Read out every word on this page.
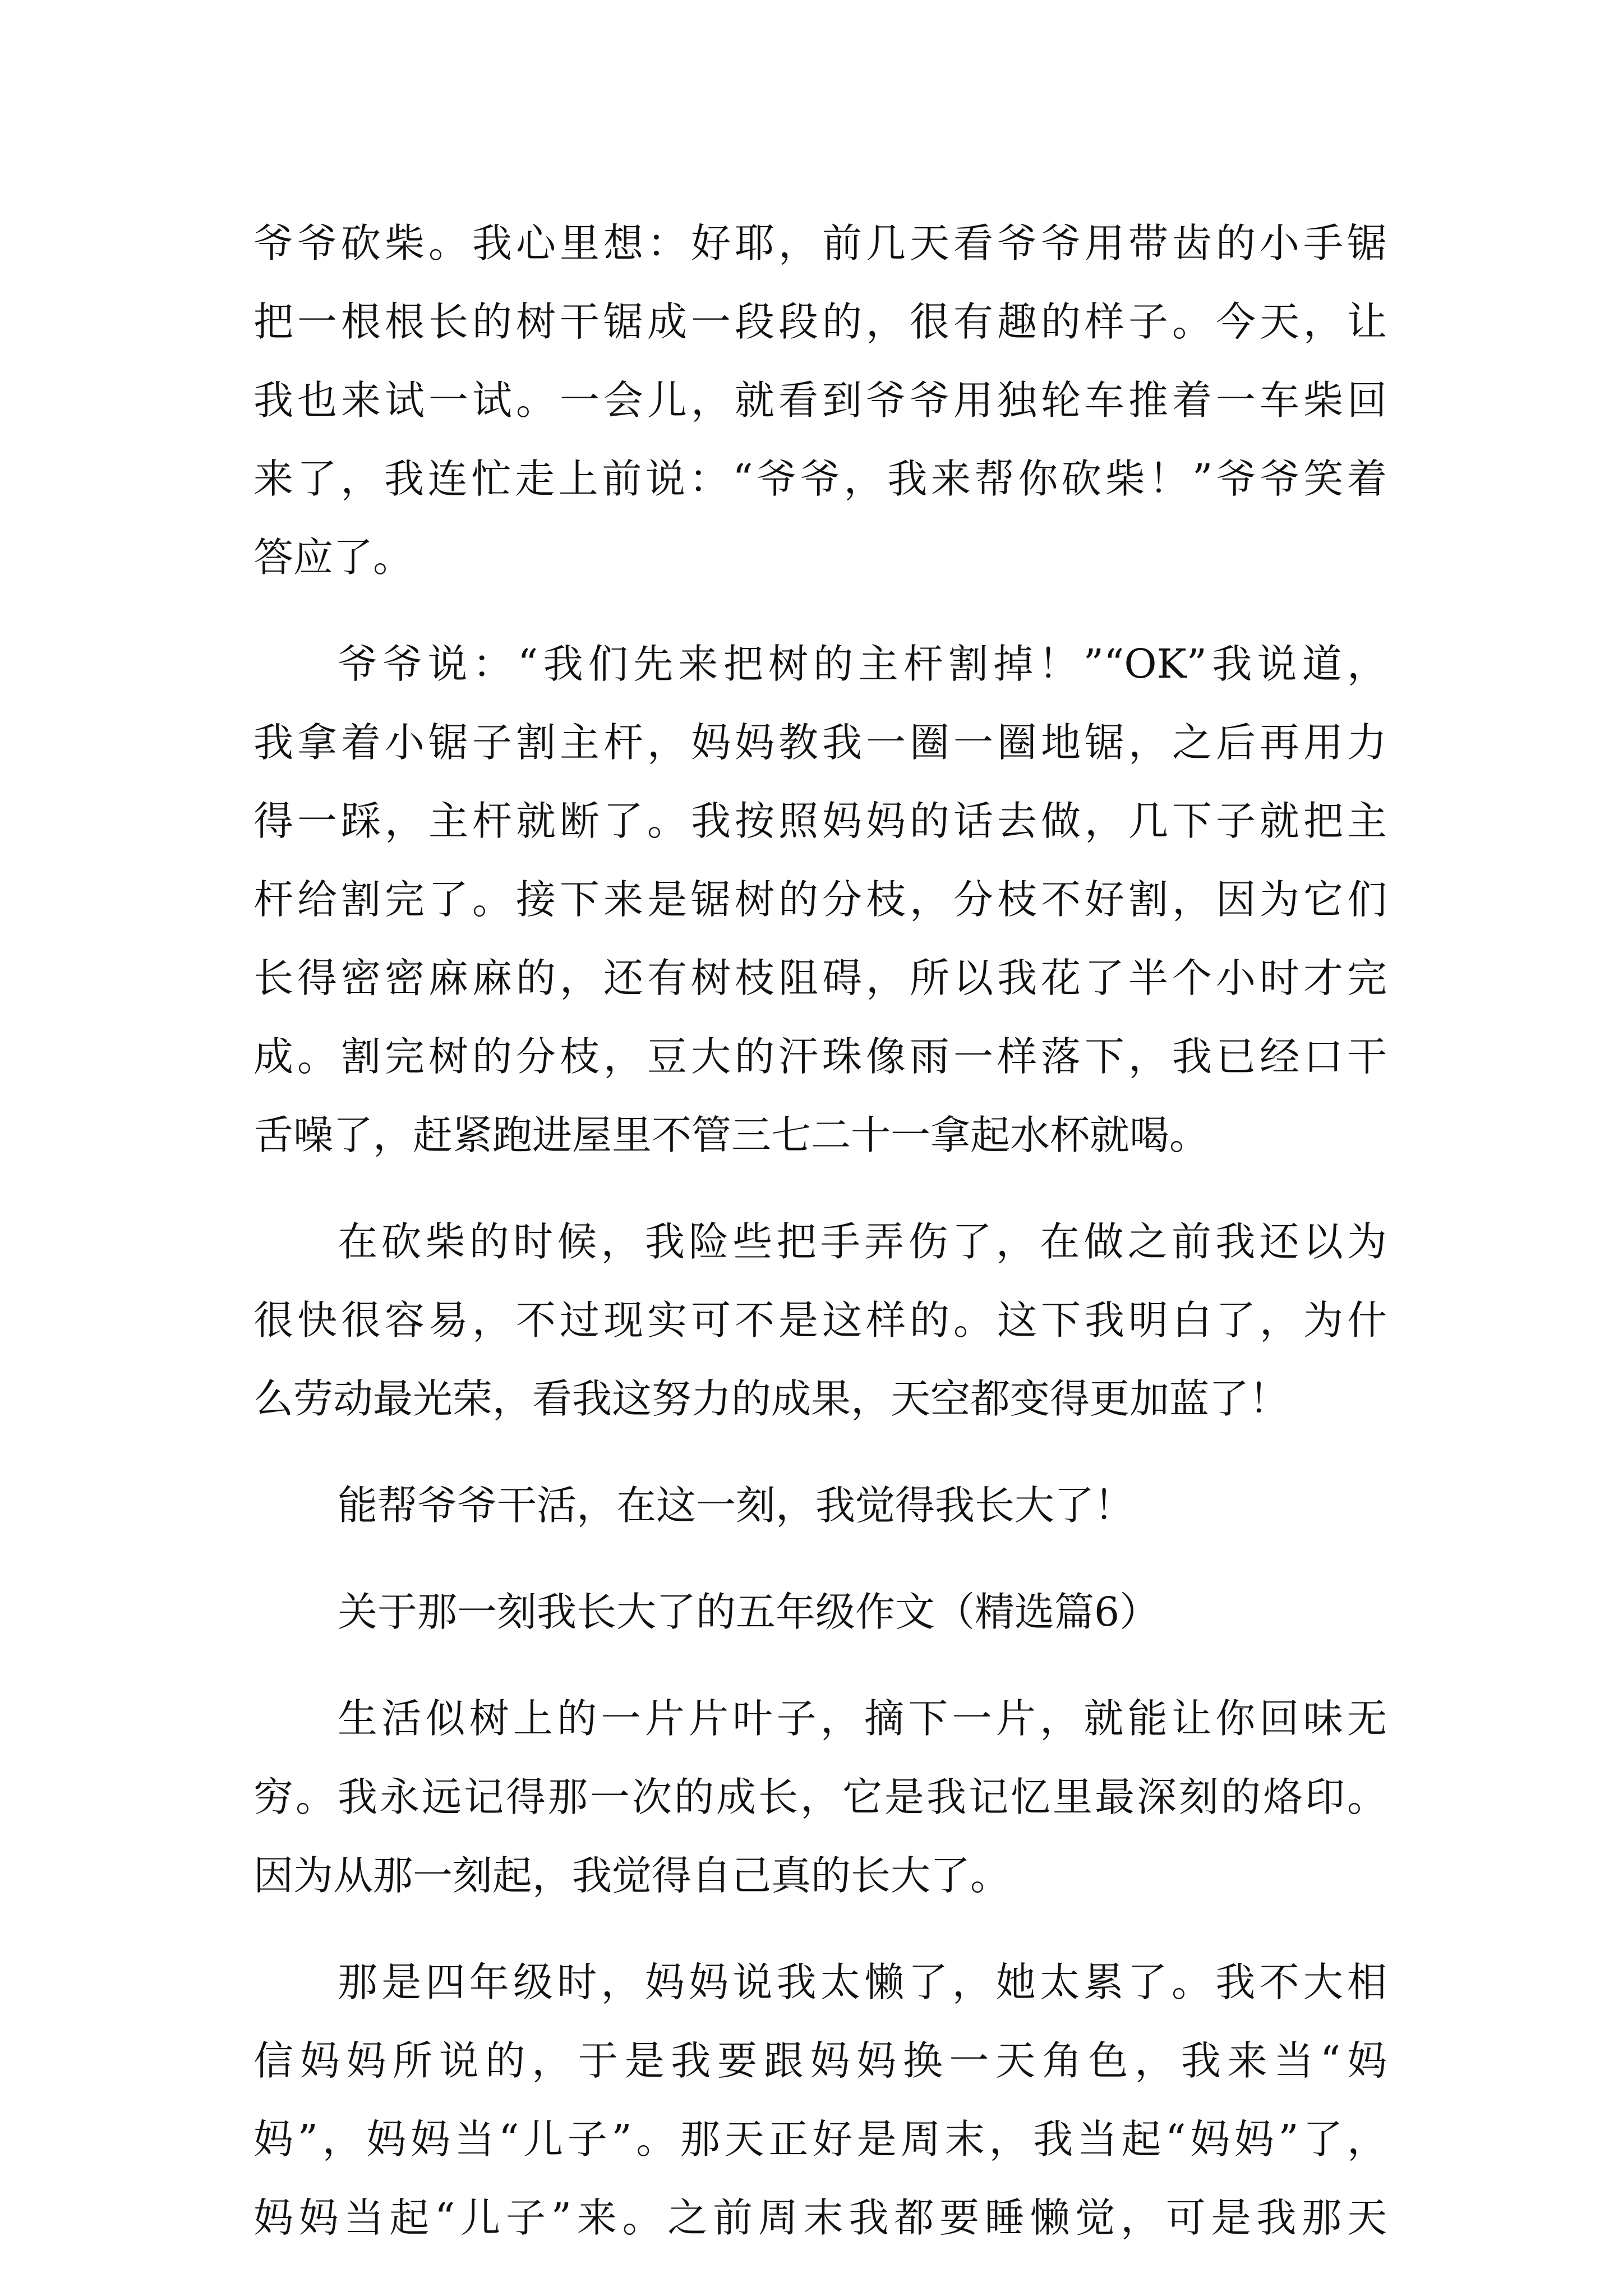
爷爷砍柴。我心里想：好耶，前几天看爷爷用带齿的小手锯
把一根根长的树干锯成一段段的，很有趣的样子。今天，让
我也来试一试。一会儿，就看到爷爷用独轮车推着一车柴回
来了，我连忙走上前说：“爷爷，我来帮你砍柴！”爷爷笑着
答应了。
爷爷说：“我们先来把树的主杆割掉！”“OK”我说道，
我拿着小锯子割主杆，妈妈教我一圈一圈地锯，之后再用力
得一踩，主杆就断了。我按照妈妈的话去做，几下子就把主
杆给割完了。接下来是锯树的分枝，分枝不好割，因为它们
长得密密麻麻的，还有树枝阻碍，所以我花了半个小时才完
成。割完树的分枝，豆大的汗珠像雨一样落下，我已经口干
舌噪了，赶紧跑进屋里不管三七二十一拿起水杯就喝。
在砍柴的时候，我险些把手弄伤了，在做之前我还以为
很快很容易，不过现实可不是这样的。这下我明白了，为什
么劳动最光荣，看我这努力的成果，天空都变得更加蓝了！
能帮爷爷干活，在这一刻，我觉得我长大了！
关于那一刻我长大了的五年级作文（精选篇6）
生活似树上的一片片叶子，摘下一片，就能让你回味无
穷。我永远记得那一次的成长，它是我记忆里最深刻的烙印。
因为从那一刻起，我觉得自己真的长大了。
那是四年级时，妈妈说我太懒了，她太累了。我不大相
信妈妈所说的，于是我要跟妈妈换一天角色，我来当“妈
妈”，妈妈当“儿子”。那天正好是周末，我当起“妈妈”了，
妈妈当起“儿子”来。之前周末我都要睡懒觉，可是我那天
